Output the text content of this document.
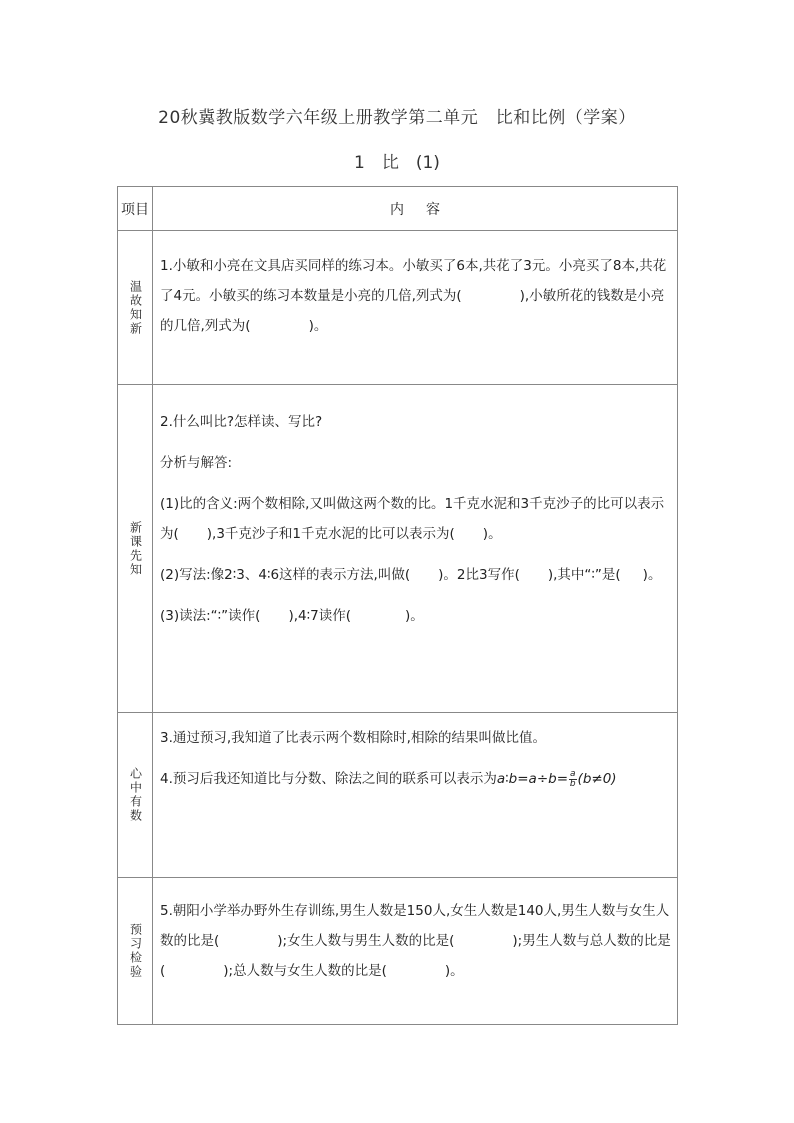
20秋冀教版数学六年级上册教学第二单元　比和比例（学案）
1　比　(1)
项目	内容

温故知新	1.小敏和小亮在文具店买同样的练习本。小敏买了6本,共花了3元。小亮买了8本,共花了4元。小敏买的练习本数量是小亮的几倍,列式为( ),小敏所花的钱数是小亮的几倍,列式为( )。

新课先知	2.什么叫比?怎样读、写比?

分析与解答:

(1)比的含义:两个数相除,又叫做这两个数的比。1千克水泥和3千克沙子的比可以表示为( ),3千克沙子和1千克水泥的比可以表示为( )。

(2)写法:像2∶3、4∶6这样的表示方法,叫做( )。2比3写作( ),其中“∶”是( )。

(3)读法:“∶”读作( ),4∶7读作( )。

心中有数	3.通过预习,我知道了比表示两个数相除时,相除的结果叫做比值。

4.预习后我还知道比与分数、除法之间的联系可以表示为a∶b=a÷b= $\frac{a}{b} (b\ne 0)$

预习检验	5.朝阳小学举办野外生存训练,男生人数是150人,女生人数是140人,男生人数与女生人数的比是( );女生人数与男生人数的比是( );男生人数与总人数的比是( );总人数与女生人数的比是( )。
